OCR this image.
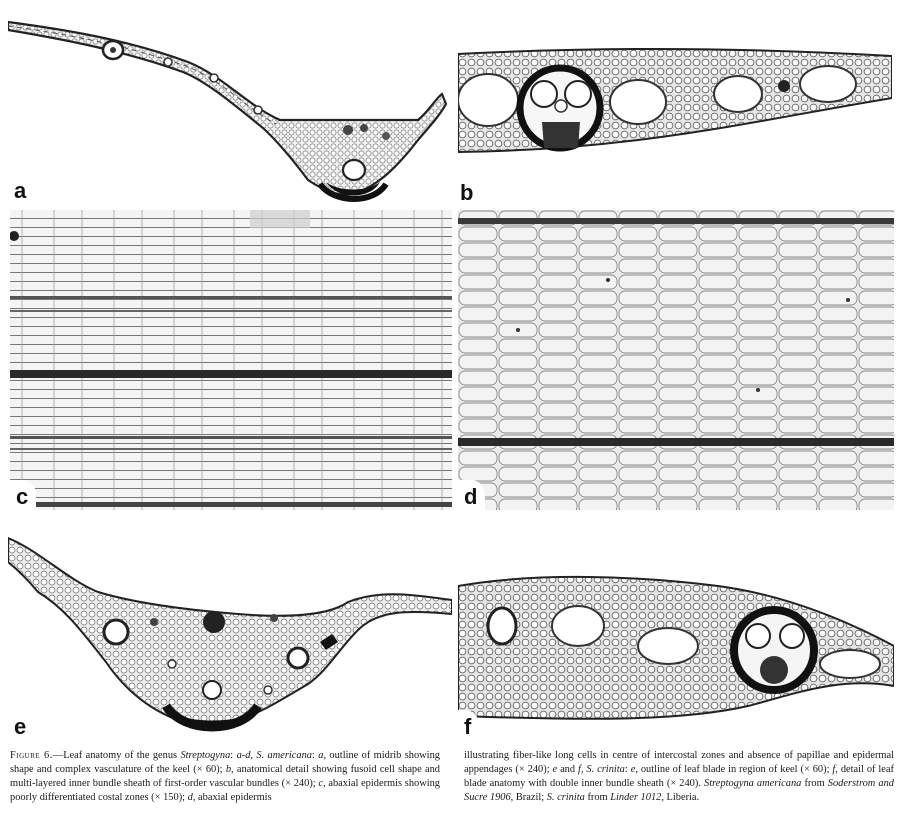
a	b
c	d
e	f

Figure 6.—Leaf anatomy of the genus Streptogyna: a-d, S. americana: a, outline of midrib showing shape and complex vasculature of the keel (× 60); b, anatomical detail showing fusoid cell shape and multi-layered inner bundle sheath of first-order vascular bundles (× 240); c, abaxial epidermis showing poorly differentiated costal zones (× 150); d, abaxial epidermis

illustrating fiber-like long cells in centre of intercostal zones and absence of papillae and epidermal appendages (× 240); e and f, S. crinita: e, outline of leaf blade in region of keel (× 60); f, detail of leaf blade anatomy with double inner bundle sheath (× 240). Streptogyna americana from Soderstrom and Sucre 1906, Brazil; S. crinita from Linder 1012, Liberia.
